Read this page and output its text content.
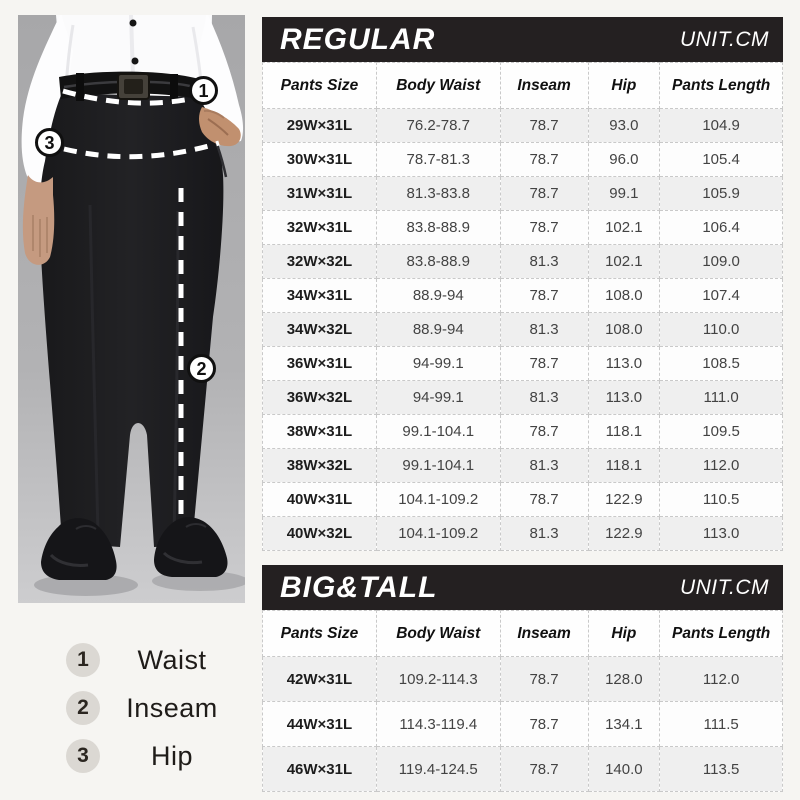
1
3
2
1	Waist
2	Inseam
3	Hip
REGULAR	UNIT.CM
Pants Size	Body Waist	Inseam	Hip	Pants Length
29W×31L	76.2-78.7	78.7	93.0	104.9
30W×31L	78.7-81.3	78.7	96.0	105.4
31W×31L	81.3-83.8	78.7	99.1	105.9
32W×31L	83.8-88.9	78.7	102.1	106.4
32W×32L	83.8-88.9	81.3	102.1	109.0
34W×31L	88.9-94	78.7	108.0	107.4
34W×32L	88.9-94	81.3	108.0	110.0
36W×31L	94-99.1	78.7	113.0	108.5
36W×32L	94-99.1	81.3	113.0	111.0
38W×31L	99.1-104.1	78.7	118.1	109.5
38W×32L	99.1-104.1	81.3	118.1	112.0
40W×31L	104.1-109.2	78.7	122.9	110.5
40W×32L	104.1-109.2	81.3	122.9	113.0
BIG&TALL	UNIT.CM
Pants Size	Body Waist	Inseam	Hip	Pants Length
42W×31L	109.2-114.3	78.7	128.0	112.0
44W×31L	114.3-119.4	78.7	134.1	111.5
46W×31L	119.4-124.5	78.7	140.0	113.5
